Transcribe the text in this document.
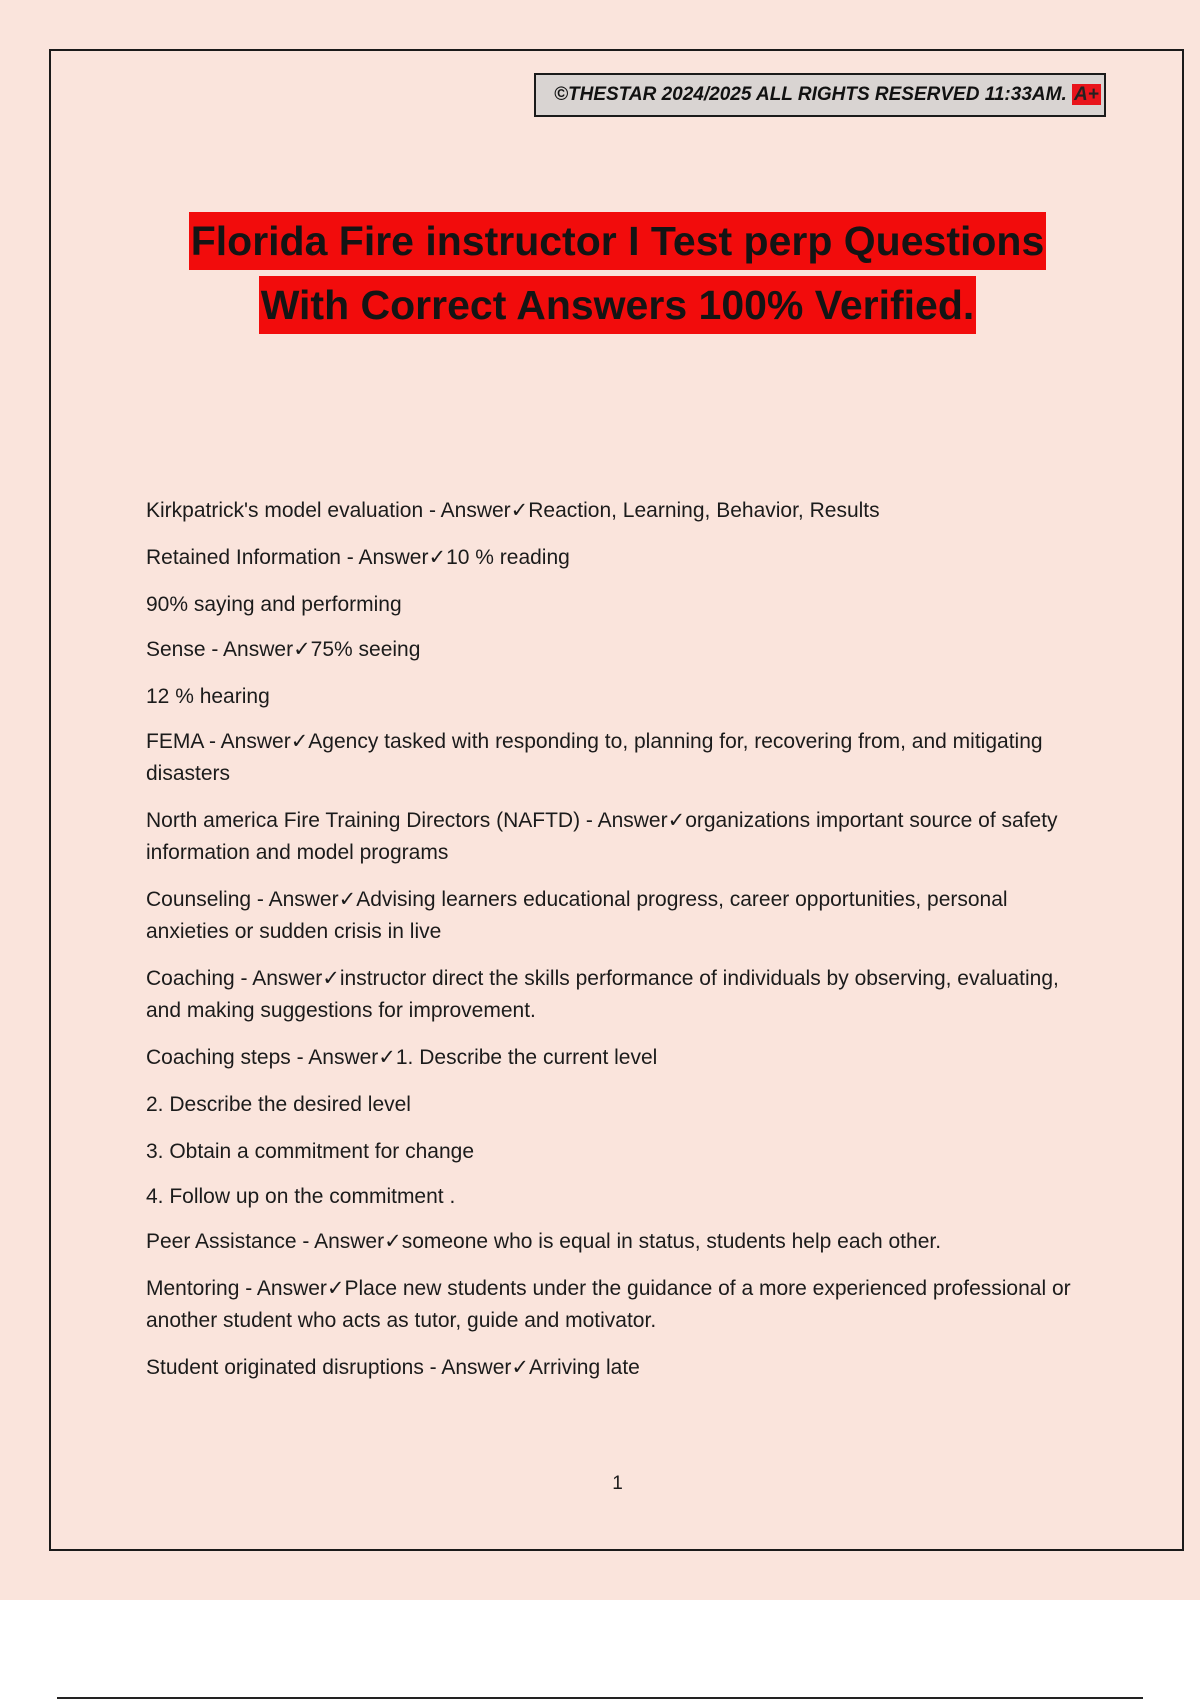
©THESTAR 2024/2025 ALL RIGHTS RESERVED 11:33AM. A+
Florida Fire instructor I Test perp Questions
With Correct Answers 100% Verified.

Kirkpatrick's model evaluation - Answer✓Reaction, Learning, Behavior, Results

Retained Information - Answer✓10 % reading

90% saying and performing

Sense - Answer✓75% seeing

12 % hearing

FEMA - Answer✓Agency tasked with responding to, planning for, recovering from, and mitigating disasters

North america Fire Training Directors (NAFTD) - Answer✓organizations important source of safety information and model programs

Counseling - Answer✓Advising learners educational progress, career opportunities, personal anxieties or sudden crisis in live

Coaching - Answer✓instructor direct the skills performance of individuals by observing, evaluating, and making suggestions for improvement.

Coaching steps - Answer✓1. Describe the current level

2. Describe the desired level

3. Obtain a commitment for change

4. Follow up on the commitment .

Peer Assistance - Answer✓someone who is equal in status, students help each other.

Mentoring - Answer✓Place new students under the guidance of a more experienced professional or another student who acts as tutor, guide and motivator.

Student originated disruptions - Answer✓Arriving late

1
